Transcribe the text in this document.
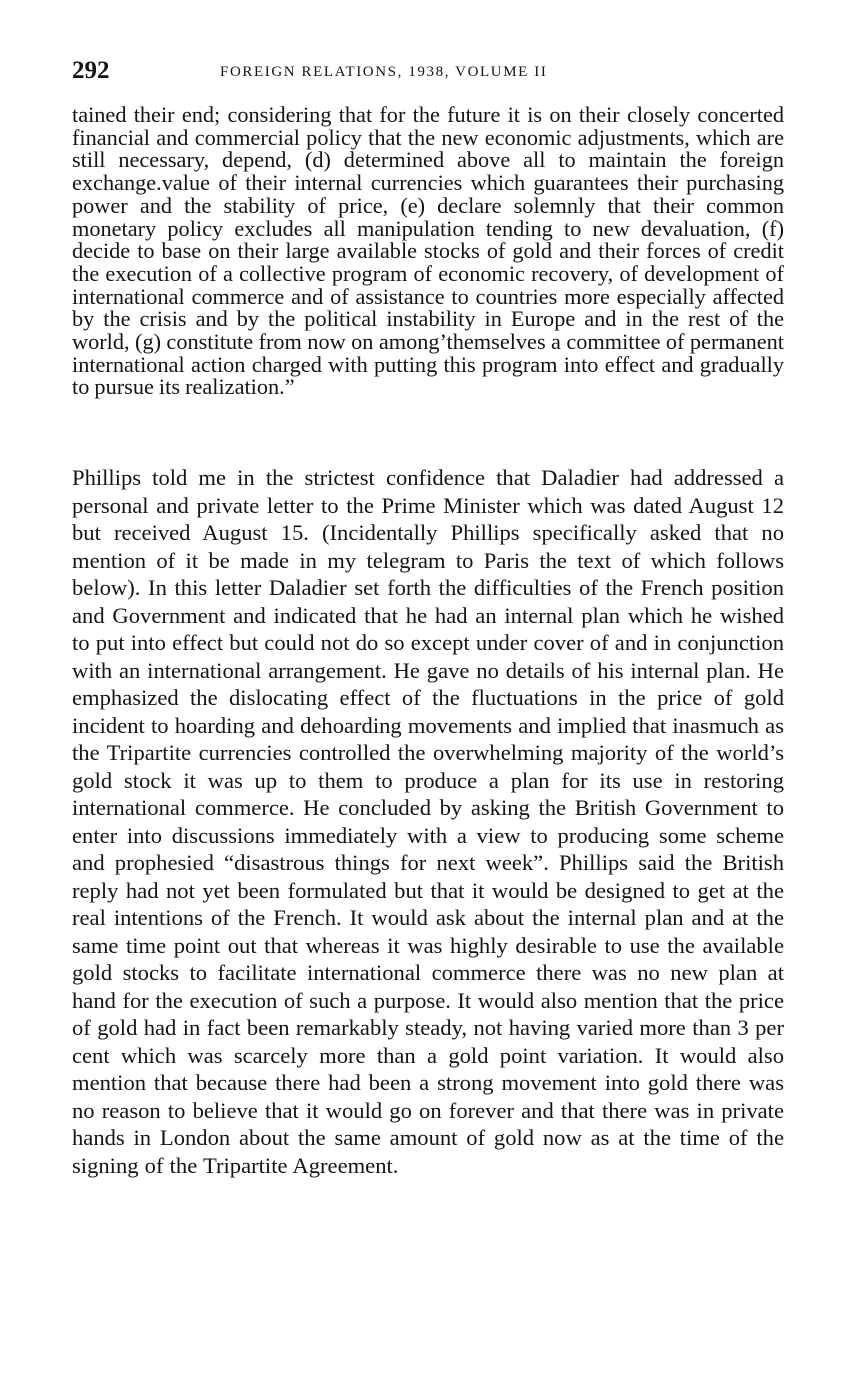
292	FOREIGN RELATIONS, 1938, VOLUME II

tained their end; considering that for the future it is on their closely concerted financial and commercial policy that the new economic adjustments, which are still necessary, depend, (d) determined above all to maintain the foreign exchange.value of their internal currencies which guarantees their purchasing power and the stability of price, (e) declare solemnly that their common monetary policy excludes all manipulation tending to new devaluation, (f) decide to base on their large available stocks of gold and their forces of credit the execution of a collective program of economic recovery, of development of international commerce and of assistance to countries more especially affected by the crisis and by the political instability in Europe and in the rest of the world, (g) constitute from now on among’themselves a committee of permanent international action charged with putting this program into effect and gradually to pursue its realization.”

Phillips told me in the strictest confidence that Daladier had addressed a personal and private letter to the Prime Minister which was dated August 12 but received August 15. (Incidentally Phillips specifically asked that no mention of it be made in my telegram to Paris the text of which follows below). In this letter Daladier set forth the difficulties of the French position and Government and indicated that he had an internal plan which he wished to put into effect but could not do so except under cover of and in conjunction with an international arrangement. He gave no details of his internal plan. He emphasized the dislocating effect of the fluctuations in the price of gold incident to hoarding and dehoarding movements and implied that inasmuch as the Tripartite currencies controlled the overwhelming majority of the world’s gold stock it was up to them to produce a plan for its use in restoring international commerce. He concluded by asking the British Government to enter into discussions immediately with a view to producing some scheme and prophesied “disastrous things for next week”. Phillips said the British reply had not yet been formulated but that it would be designed to get at the real intentions of the French. It would ask about the internal plan and at the same time point out that whereas it was highly desirable to use the available gold stocks to facilitate international commerce there was no new plan at hand for the execution of such a purpose. It would also mention that the price of gold had in fact been remarkably steady, not having varied more than 3 per cent which was scarcely more than a gold point variation. It would also mention that because there had been a strong movement into gold there was no reason to believe that it would go on forever and that there was in private hands in London about the same amount of gold now as at the time of the signing of the Tripartite Agreement.
